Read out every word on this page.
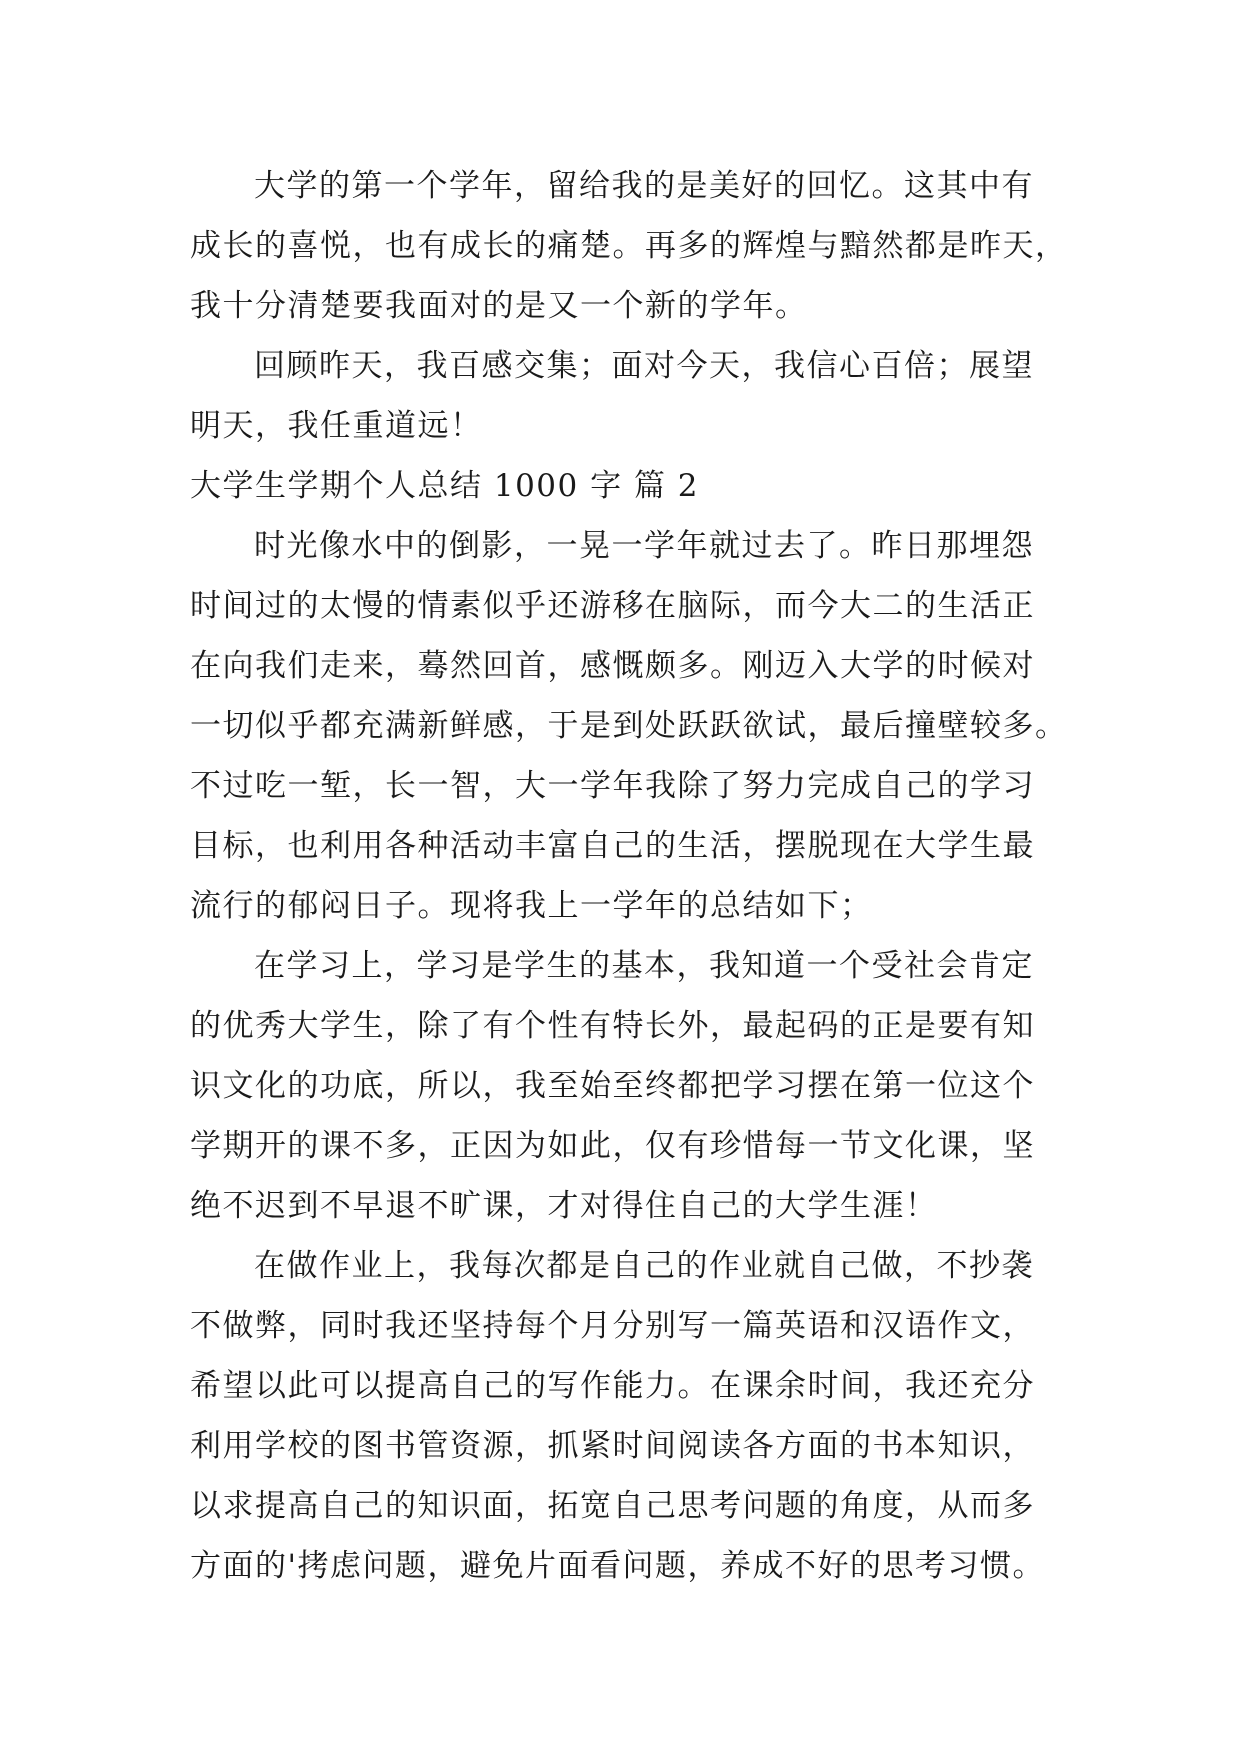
大学的第一个学年，留给我的是美好的回忆。这其中有
成长的喜悦，也有成长的痛楚。再多的辉煌与黯然都是昨天，
我十分清楚要我面对的是又一个新的学年。
回顾昨天，我百感交集；面对今天，我信心百倍；展望
明天，我任重道远！
大学生学期个人总结 1000 字 篇 2
时光像水中的倒影，一晃一学年就过去了。昨日那埋怨
时间过的太慢的情素似乎还游移在脑际，而今大二的生活正
在向我们走来，蓦然回首，感慨颇多。刚迈入大学的时候对
一切似乎都充满新鲜感，于是到处跃跃欲试，最后撞壁较多。
不过吃一堑，长一智，大一学年我除了努力完成自己的学习
目标，也利用各种活动丰富自己的生活，摆脱现在大学生最
流行的郁闷日子。现将我上一学年的总结如下；
在学习上，学习是学生的基本，我知道一个受社会肯定
的优秀大学生，除了有个性有特长外，最起码的正是要有知
识文化的功底，所以，我至始至终都把学习摆在第一位这个
学期开的课不多，正因为如此，仅有珍惜每一节文化课，坚
绝不迟到不早退不旷课，才对得住自己的大学生涯！
在做作业上，我每次都是自己的作业就自己做，不抄袭
不做弊，同时我还坚持每个月分别写一篇英语和汉语作文，
希望以此可以提高自己的写作能力。在课余时间，我还充分
利用学校的图书管资源，抓紧时间阅读各方面的书本知识，
以求提高自己的知识面，拓宽自己思考问题的角度，从而多
方面的'拷虑问题，避免片面看问题，养成不好的思考习惯。
